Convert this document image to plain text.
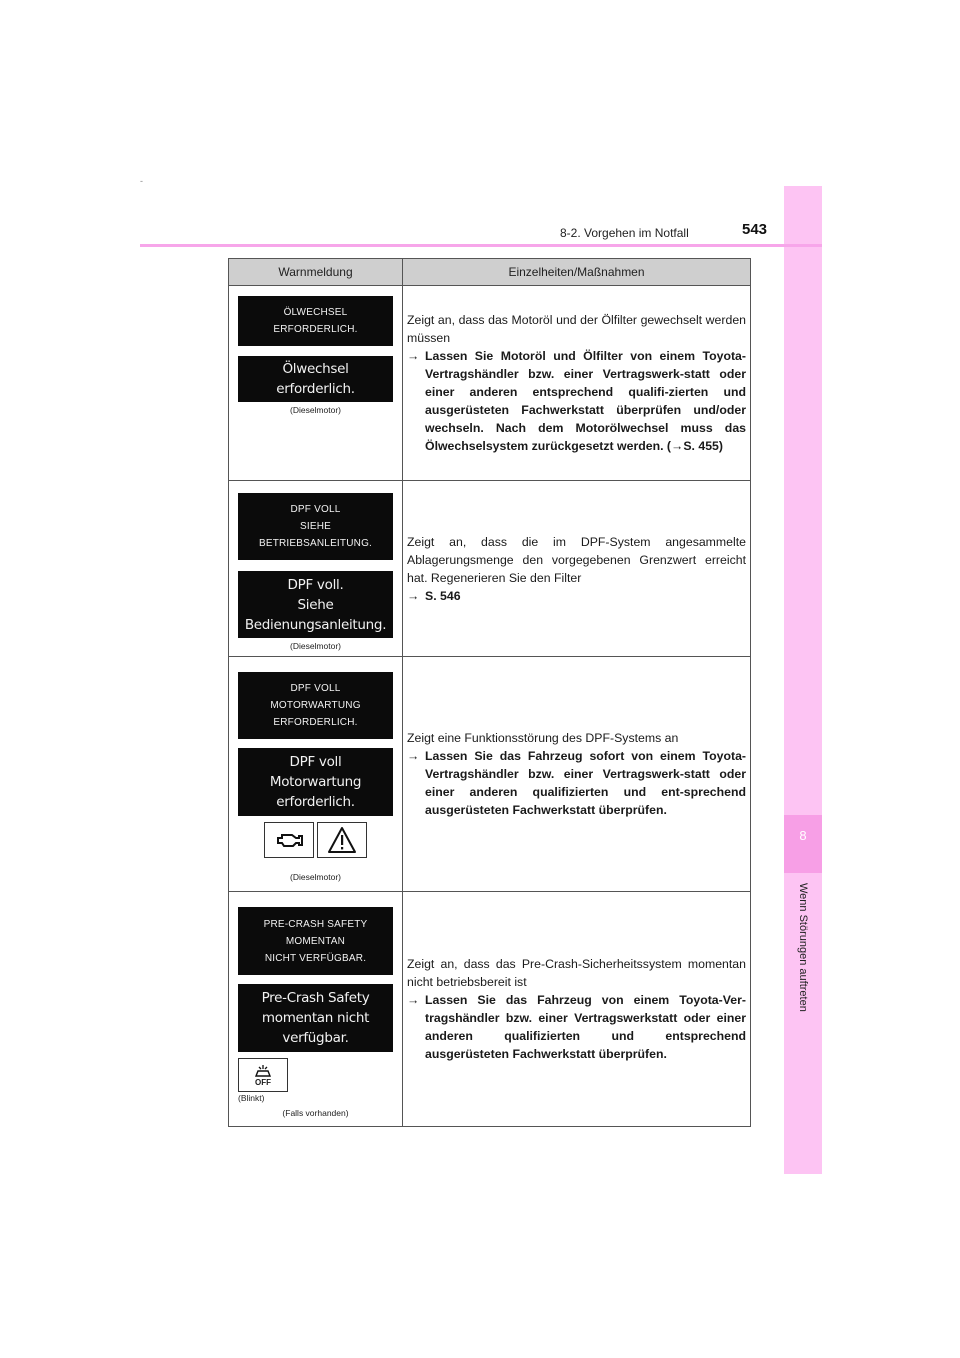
8
Wenn Störungen auftreten
-
8-2. Vorgehen im Notfall	543
Warnmeldung	Einzelheiten/Maßnahmen
ÖLWECHSEL
ERFORDERLICH.
Ölwechsel
erforderlich.
(Dieselmotor)
Zeigt an, dass das Motoröl und der Ölfilter gewechselt werden müssen
→ Lassen Sie Motoröl und Ölfilter von einem Toyota-Vertragshändler bzw. einer Vertragswerk-statt oder einer anderen entsprechend qualifi-zierten und ausgerüsteten Fachwerkstatt überprüfen und/oder wechseln. Nach dem Motorölwechsel muss das Ölwechselsystem zurückgesetzt werden. (→S. 455)
DPF VOLL
SIEHE
BETRIEBSANLEITUNG.
DPF voll.
Siehe
Bedienungsanleitung.
(Dieselmotor)
Zeigt an, dass die im DPF-System angesammelte Ablagerungsmenge den vorgegebenen Grenzwert erreicht hat. Regenerieren Sie den Filter
→ S. 546
DPF VOLL
MOTORWARTUNG
ERFORDERLICH.
DPF voll
Motorwartung
erforderlich.
(Dieselmotor)
Zeigt eine Funktionsstörung des DPF-Systems an
→ Lassen Sie das Fahrzeug sofort von einem Toyota-Vertragshändler bzw. einer Vertragswerk-statt oder einer anderen qualifizierten und ent-sprechend ausgerüsteten Fachwerkstatt überprüfen.
PRE-CRASH SAFETY
MOMENTAN
NICHT VERFÜGBAR.
Pre-Crash Safety
momentan nicht
verfügbar.
OFF
(Blinkt)
(Falls vorhanden)
Zeigt an, dass das Pre-Crash-Sicherheitssystem momentan nicht betriebsbereit ist
→ Lassen Sie das Fahrzeug von einem Toyota-Ver-tragshändler bzw. einer Vertragswerkstatt oder einer anderen qualifizierten und entsprechend ausgerüsteten Fachwerkstatt überprüfen.
